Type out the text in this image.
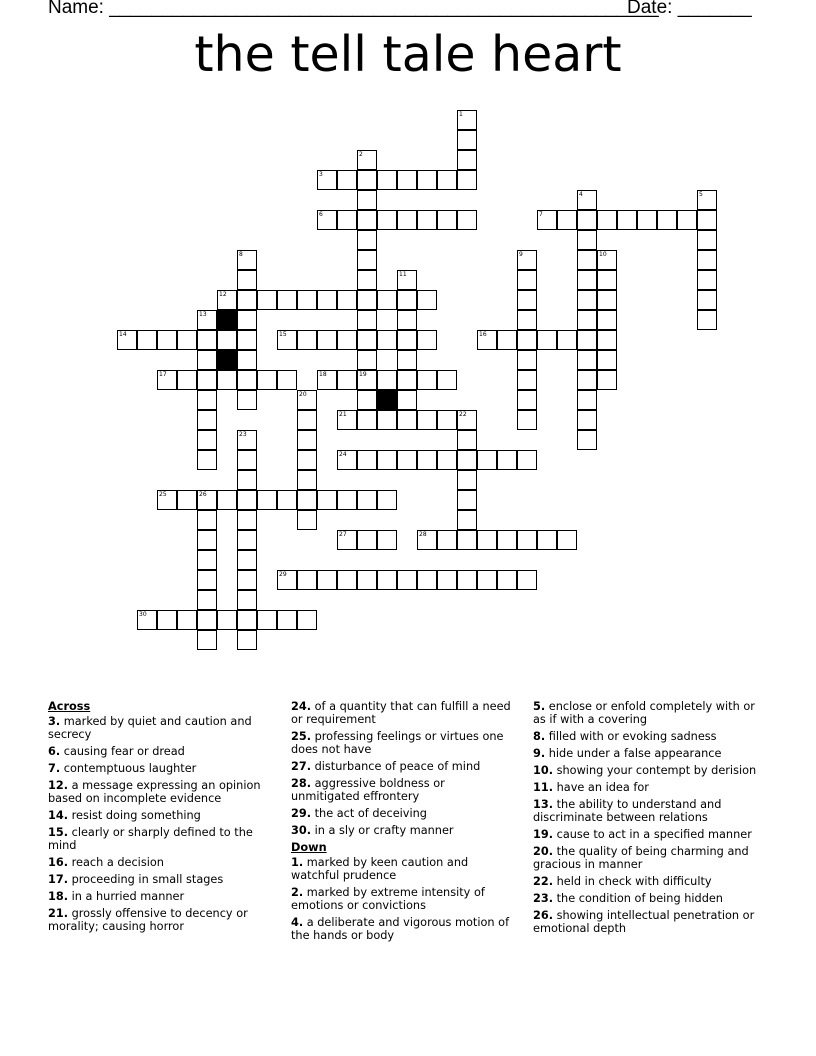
Name: ____________________________________________________
Date: _______
the tell tale heart
1
2
19
3
4	5
6	7
8	9	10
11
12
13
14	15	16
17	18
20
21	22
23
24
25	26
27	28
29
30
Across
3. marked by quiet and caution and secrecy
6. causing fear or dread
7. contemptuous laughter
12. a message expressing an opinion based on incomplete evidence
14. resist doing something
15. clearly or sharply defined to the mind
16. reach a decision
17. proceeding in small stages
18. in a hurried manner
21. grossly offensive to decency or morality; causing horror
24. of a quantity that can fulfill a need or requirement
25. professing feelings or virtues one does not have
27. disturbance of peace of mind
28. aggressive boldness or unmitigated effrontery
29. the act of deceiving
30. in a sly or crafty manner
Down
1. marked by keen caution and watchful prudence
2. marked by extreme intensity of emotions or convictions
4. a deliberate and vigorous motion of the hands or body
5. enclose or enfold completely with or as if with a covering
8. filled with or evoking sadness
9. hide under a false appearance
10. showing your contempt by derision
11. have an idea for
13. the ability to understand and discriminate between relations
19. cause to act in a specified manner
20. the quality of being charming and gracious in manner
22. held in check with difficulty
23. the condition of being hidden
26. showing intellectual penetration or emotional depth
